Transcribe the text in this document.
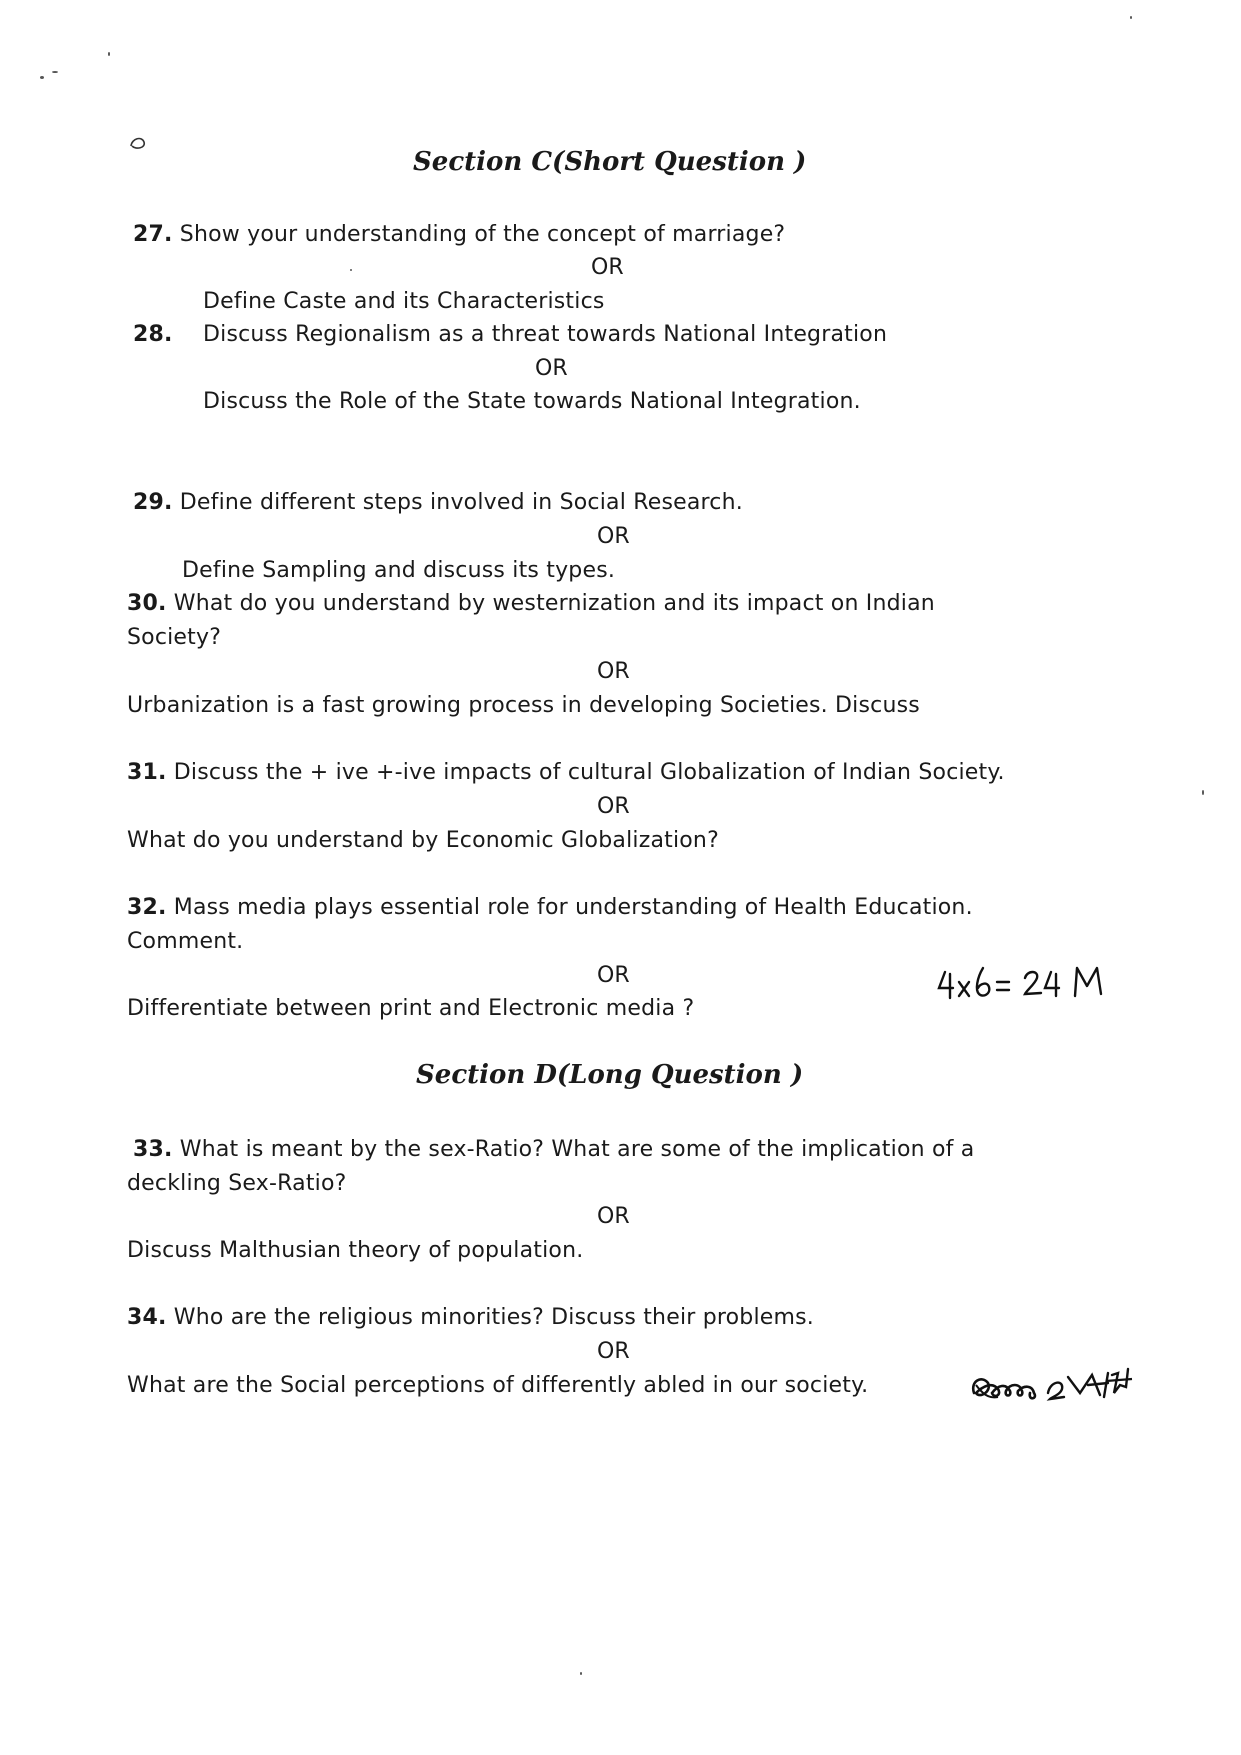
Section C(Short Question )
27. Show your understanding of the concept of marriage?
OR
Define Caste and its Characteristics
28. Discuss Regionalism as a threat towards National Integration
OR
Discuss the Role of the State towards National Integration.
29. Define different steps involved in Social Research.
OR
Define Sampling and discuss its types.
30. What do you understand by westernization and its impact on Indian
Society?
OR
Urbanization is a fast growing process in developing Societies. Discuss
31. Discuss the + ive +-ive impacts of cultural Globalization of Indian Society.
OR
What do you understand by Economic Globalization?
32. Mass media plays essential role for understanding of Health Education.
Comment.
OR
Differentiate between print and Electronic media ?
Section D(Long Question )
33. What is meant by the sex-Ratio? What are some of the implication of a
deckling Sex-Ratio?
OR
Discuss Malthusian theory of population.
34. Who are the religious minorities? Discuss their problems.
OR
What are the Social perceptions of differently abled in our society.
